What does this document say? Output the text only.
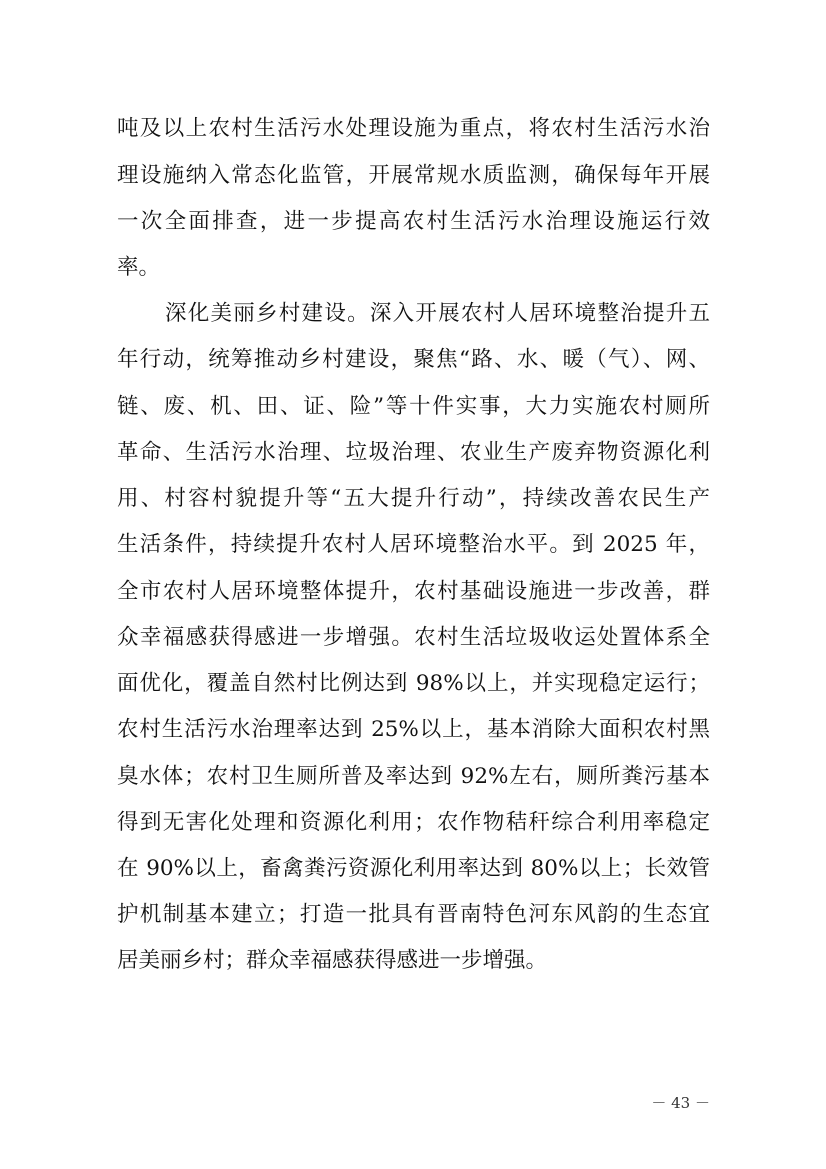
吨及以上农村生活污水处理设施为重点，将农村生活污水治
理设施纳入常态化监管，开展常规水质监测，确保每年开展
一次全面排查，进一步提高农村生活污水治理设施运行效
率。
深化美丽乡村建设。深入开展农村人居环境整治提升五
年行动，统筹推动乡村建设，聚焦“路、水、暖（气）、网、
链、废、机、田、证、险”等十件实事，大力实施农村厕所
革命、生活污水治理、垃圾治理、农业生产废弃物资源化利
用、村容村貌提升等“五大提升行动”，持续改善农民生产
生活条件，持续提升农村人居环境整治水平。到 2025 年，
全市农村人居环境整体提升，农村基础设施进一步改善，群
众幸福感获得感进一步增强。农村生活垃圾收运处置体系全
面优化，覆盖自然村比例达到 98%以上，并实现稳定运行；
农村生活污水治理率达到 25%以上，基本消除大面积农村黑
臭水体；农村卫生厕所普及率达到 92%左右，厕所粪污基本
得到无害化处理和资源化利用；农作物秸秆综合利用率稳定
在 90%以上，畜禽粪污资源化利用率达到 80%以上；长效管
护机制基本建立；打造一批具有晋南特色河东风韵的生态宜
居美丽乡村；群众幸福感获得感进一步增强。
－ 43 －
